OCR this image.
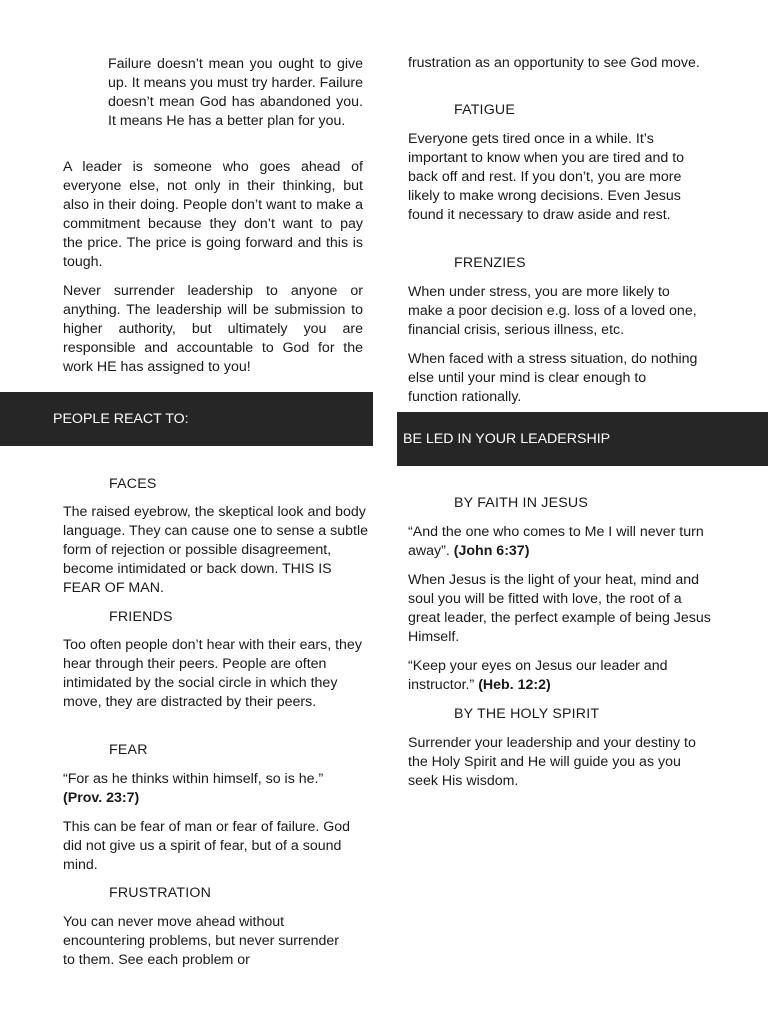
Failure doesn’t mean you ought to give up. It means you must try harder. Failure doesn’t mean God has abandoned you. It means He has a better plan for you.

A leader is someone who goes ahead of everyone else, not only in their thinking, but also in their doing. People don’t want to make a commitment because they don’t want to pay the price. The price is going forward and this is tough.

Never surrender leadership to anyone or anything. The leadership will be submission to higher authority, but ultimately you are responsible and accountable to God for the work HE has assigned to you!

PEOPLE REACT TO:
FACES

The raised eyebrow, the skeptical look and body language. They can cause one to sense a subtle form of rejection or possible disagreement, become intimidated or back down. THIS IS FEAR OF MAN.

FRIENDS

Too often people don’t hear with their ears, they hear through their peers. People are often intimidated by the social circle in which they move, they are distracted by their peers.

FEAR

“For as he thinks within himself, so is he.”
(Prov. 23:7)

This can be fear of man or fear of failure. God did not give us a spirit of fear, but of a sound mind.

FRUSTRATION

You can never move ahead without encountering problems, but never surrender to them. See each problem or

frustration as an opportunity to see God move.

FATIGUE

Everyone gets tired once in a while. It’s important to know when you are tired and to back off and rest. If you don’t, you are more likely to make wrong decisions. Even Jesus found it necessary to draw aside and rest.

FRENZIES

When under stress, you are more likely to make a poor decision e.g. loss of a loved one, financial crisis, serious illness, etc.

When faced with a stress situation, do nothing else until your mind is clear enough to function rationally.

BE LED IN YOUR LEADERSHIP
BY FAITH IN JESUS

“And the one who comes to Me I will never turn away”. (John 6:37)

When Jesus is the light of your heat, mind and soul you will be fitted with love, the root of a great leader, the perfect example of being Jesus Himself.

“Keep your eyes on Jesus our leader and instructor.” (Heb. 12:2)

BY THE HOLY SPIRIT

Surrender your leadership and your destiny to the Holy Spirit and He will guide you as you seek His wisdom.
